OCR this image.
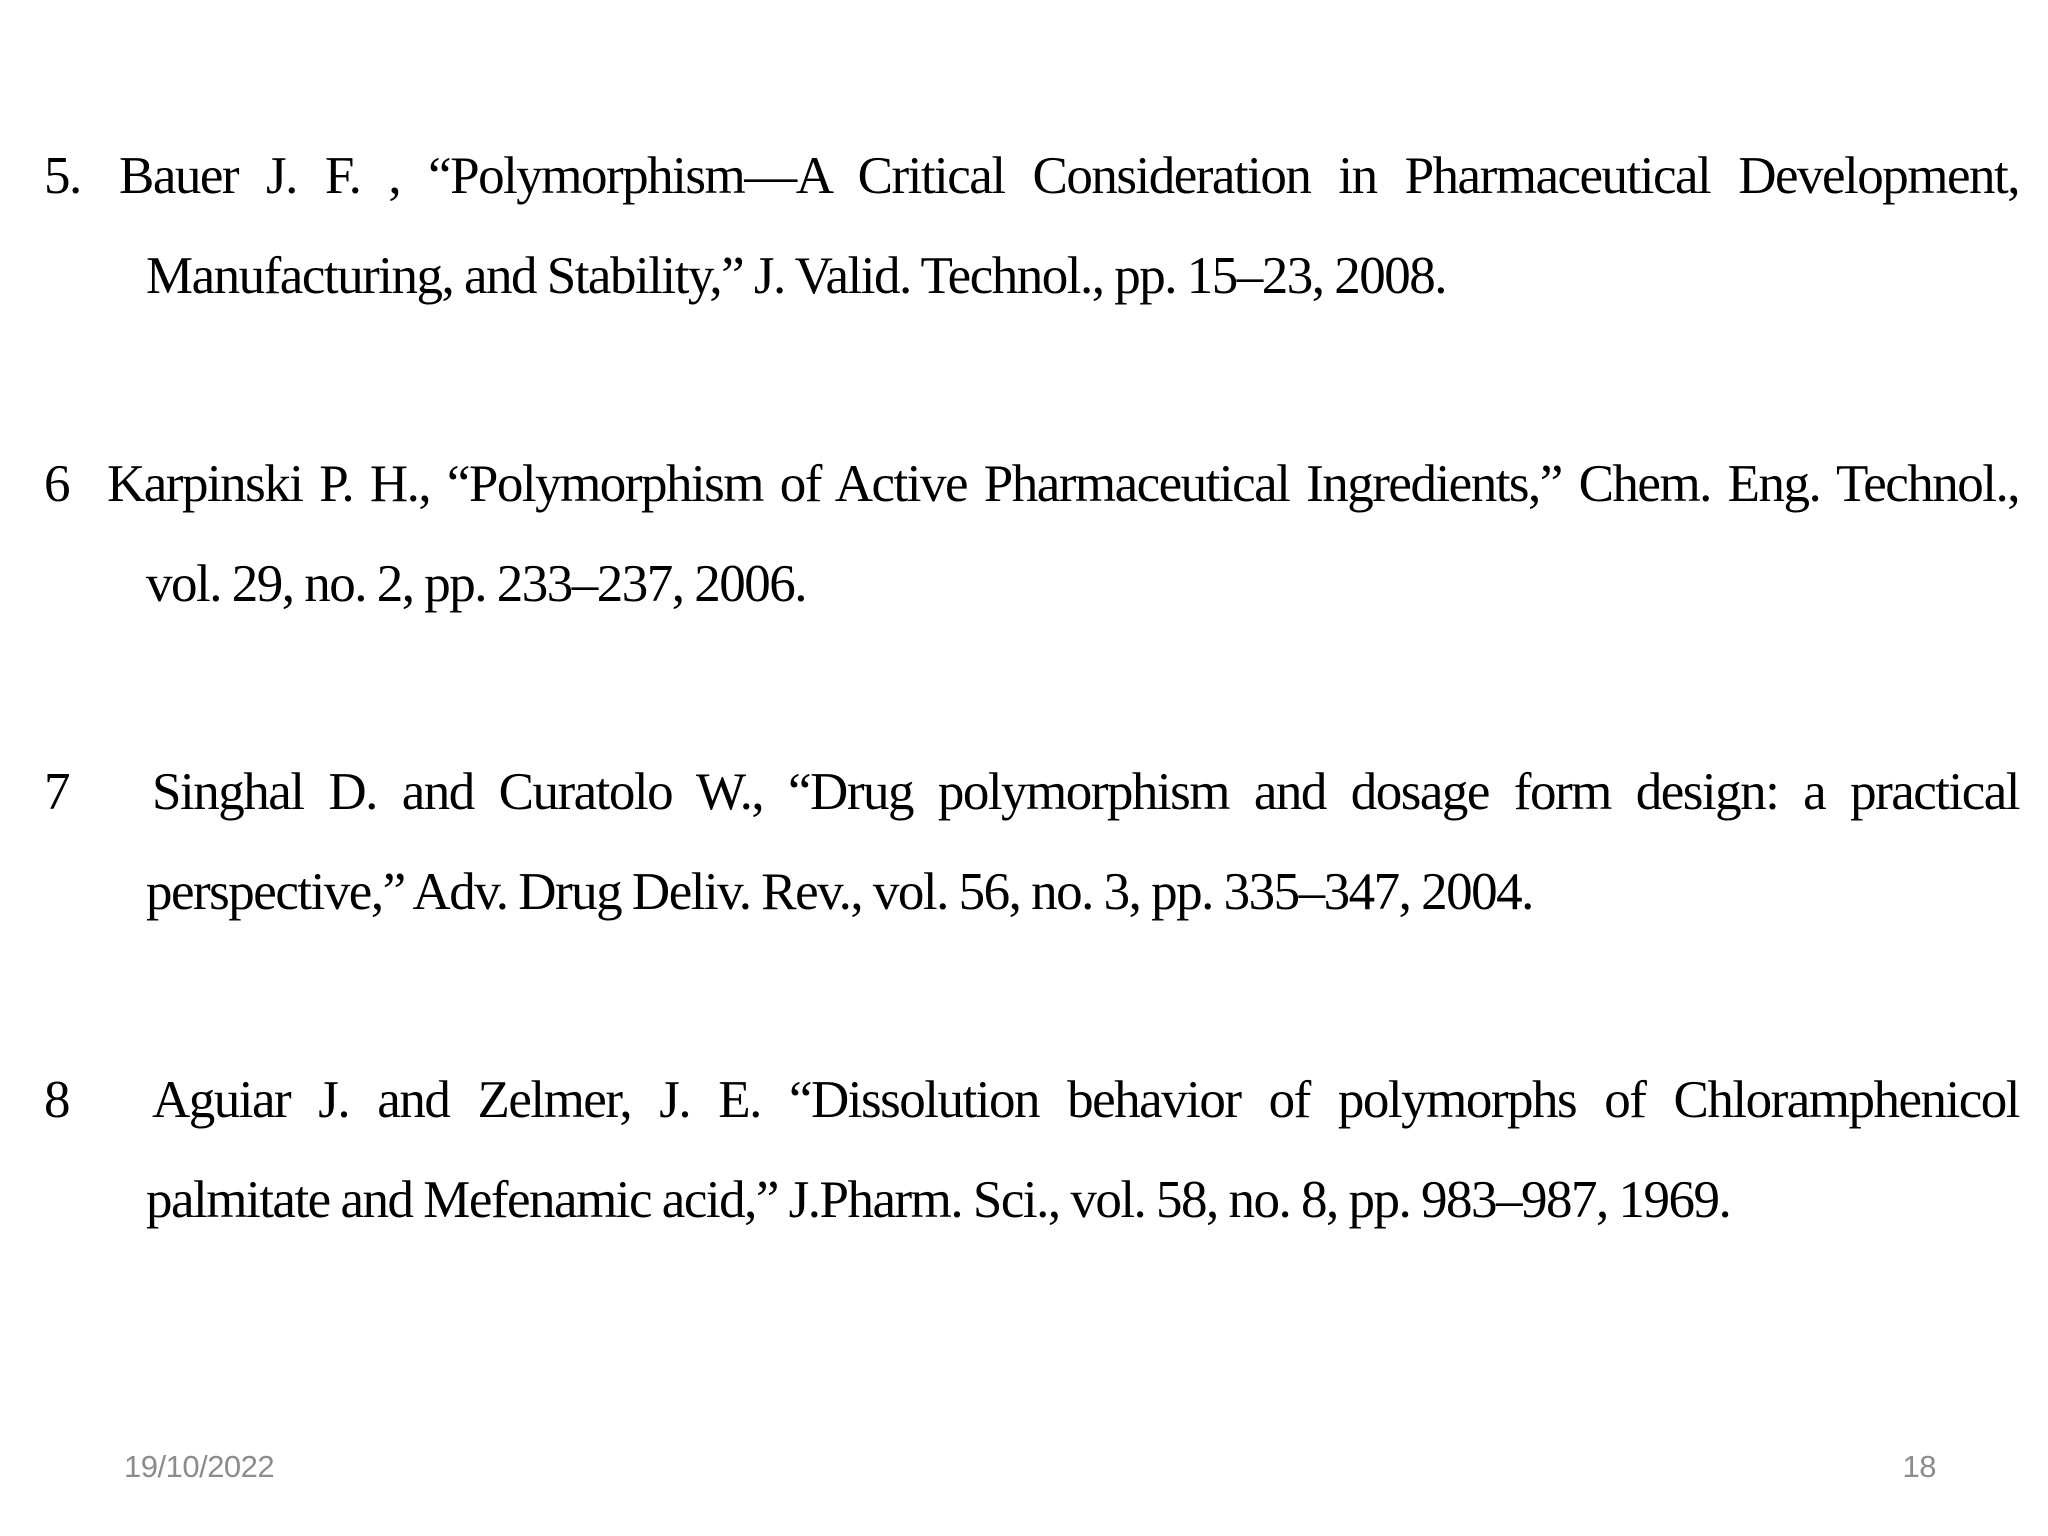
5. Bauer J. F. , “Polymorphism—A Critical Consideration in Pharmaceutical Development,
Manufacturing, and Stability,” J. Valid. Technol., pp. 15–23, 2008.
6 Karpinski P. H., “Polymorphism of Active Pharmaceutical Ingredients,” Chem. Eng. Technol.,
vol. 29, no. 2, pp. 233–237, 2006.
7 Singhal D. and Curatolo W., “Drug polymorphism and dosage form design: a practical
perspective,” Adv. Drug Deliv. Rev., vol. 56, no. 3, pp. 335–347, 2004.
8 Aguiar J. and Zelmer, J. E. “Dissolution behavior of polymorphs of Chloramphenicol
palmitate and Mefenamic acid,” J.Pharm. Sci., vol. 58, no. 8, pp. 983–987, 1969.
19/10/2022	18
